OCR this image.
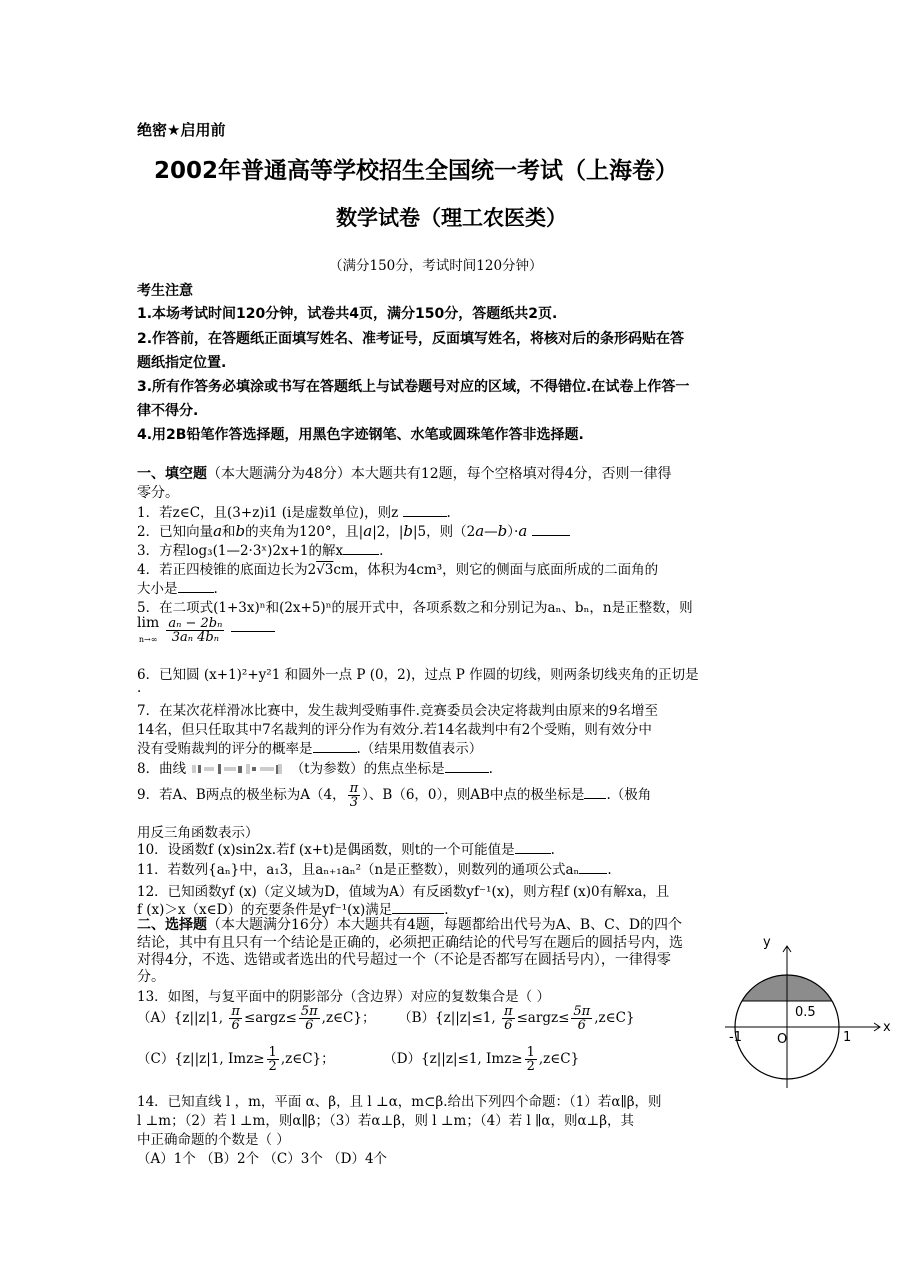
绝密★启用前
2002年普通高等学校招生全国统一考试（上海卷）
数学试卷（理工农医类）
（满分150分，考试时间120分钟）
考生注意
1.本场考试时间120分钟，试卷共4页，满分150分，答题纸共2页.
2.作答前，在答题纸正面填写姓名、准考证号，反面填写姓名，将核对后的条形码贴在答
题纸指定位置.
3.所有作答务必填涂或书写在答题纸上与试卷题号对应的区域，不得错位.在试卷上作答一
律不得分.
4.用2B铅笔作答选择题，用黑色字迹钢笔、水笔或圆珠笔作答非选择题.
一、填空题（本大题满分为48分）本大题共有12题，每个空格填对得4分，否则一律得
零分。
1．若z∈C，且(3+z)i1 (i是虚数单位)，则z	.
2．已知向量a和b的夹角为120°，且|a|2，|b|5，则（2a—b）·a
3．方程log₃(1—2·3ˣ)2x+1的解x	.
4．若正四棱锥的底面边长为2√3cm，体积为4cm³，则它的侧面与底面所成的二面角的
大小是	.
5．在二项式(1+3x)ⁿ和(2x+5)ⁿ的展开式中，各项系数之和分别记为aₙ、bₙ，n是正整数，则
lim
$n\to\infty \frac{\text{aₙ − 2bₙ}}{\text{3aₙ 4bₙ}}$

6．已知圆 (x+1)²+y²1 和圆外一点 P (0，2)，过点 P 作圆的切线，则两条切线夹角的正切是
.
7．在某次花样滑冰比赛中，发生裁判受贿事件.竞赛委员会决定将裁判由原来的9名增至
14名，但只任取其中7名裁判的评分作为有效分.若14名裁判中有2个受贿，则有效分中
没有受贿裁判的评分的概率是	.（结果用数值表示）
8．曲线	（t为参数）的焦点坐标是	.
9．若A、B两点的极坐标为A（4， $\frac{\pi}{3}$ ）、B（6，0），则AB中点的极坐标是 .（极角
用反三角函数表示）
10．设函数f (x)sin2x.若f (x+t)是偶函数，则t的一个可能值是	.
11．若数列{aₙ}中，a₁3，且aₙ₊₁aₙ²（n是正整数），则数列的通项公式aₙ .
12．已知函数yf (x)（定义域为D，值域为A）有反函数yf⁻¹(x)，则方程f (x)0有解xa，且
f (x)＞x（x∈D）的充要条件是yf⁻¹(x)满足	.
二、选择题（本大题满分16分）本大题共有4题，每题都给出代号为A、B、C、D的四个
结论，其中有且只有一个结论是正确的，必须把正确结论的代号写在题后的圆括号内，选
对得4分，不选、选错或者选出的代号超过一个（不论是否都写在圆括号内），一律得零
分。
13．如图，与复平面中的阴影部分（含边界）对应的复数集合是（ ）
（A）{z||z|1, $\frac{\pi}{6}$ ≤argz≤ $\frac{5\pi}{6}$ ,z∈C}； （B）{z||z|≤1, $\frac{\pi}{6}$ ≤argz≤ $\frac{5\pi}{6}$ ,z∈C}
（C）{z||z|1, $Imz\ge \frac{1}{2}$ ,z∈C}；	（D）{z||z|≤1, $Imz\ge \frac{1}{2}$ ,z∈C}
14．已知直线 l ，m，平面 α、β，且 l ⊥α，m⊂β.给出下列四个命题：（1）若α∥β，则
l ⊥m；（2）若 l ⊥m，则α∥β；（3）若α⊥β，则 l ⊥m；（4）若 l ∥α，则α⊥β，其
中正确命题的个数是（ ）
（A）1个 （B）2个 （C）3个 （D）4个
y
x
0.5
-1	O	1
